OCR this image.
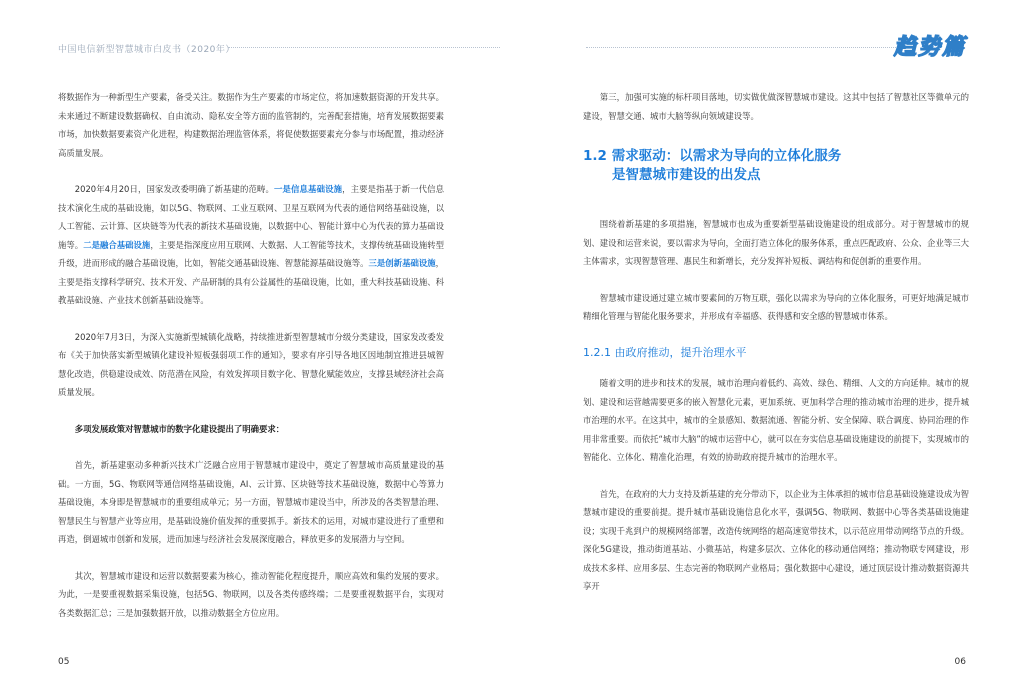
中国电信新型智慧城市白皮书（2020年）	趋势篇

将数据作为一种新型生产要素，备受关注。数据作为生产要素的市场定位，将加速数据资源的开发共享。未来通过不断建设数据确权、自由流动、隐私安全等方面的监管制约，完善配套措施，培育发展数据要素市场，加快数据要素资产化进程，构建数据治理监管体系，将促使数据要素充分参与市场配置，推动经济高质量发展。

2020年4月20日，国家发改委明确了新基建的范畴。一是信息基础设施，主要是指基于新一代信息技术演化生成的基础设施，如以5G、物联网、工业互联网、卫星互联网为代表的通信网络基础设施，以人工智能、云计算、区块链等为代表的新技术基础设施，以数据中心、智能计算中心为代表的算力基础设施等。二是融合基础设施，主要是指深度应用互联网、大数据、人工智能等技术，支撑传统基础设施转型升级，进而形成的融合基础设施，比如，智能交通基础设施、智慧能源基础设施等。三是创新基础设施，主要是指支撑科学研究、技术开发、产品研制的具有公益属性的基础设施，比如，重大科技基础设施、科教基础设施、产业技术创新基础设施等。

2020年7月3日，为深入实施新型城镇化战略，持续推进新型智慧城市分级分类建设，国家发改委发布《关于加快落实新型城镇化建设补短板强弱项工作的通知》，要求有序引导各地区因地制宜推进县城智慧化改造，供稳建设成效、防范潜在风险，有效发挥项目数字化、智慧化赋能效应，支撑县域经济社会高质量发展。

多项发展政策对智慧城市的数字化建设提出了明确要求：

首先，新基建驱动多种新兴技术广泛融合应用于智慧城市建设中，奠定了智慧城市高质量建设的基础。一方面，5G、物联网等通信网络基础设施，AI、云计算、区块链等技术基础设施，数据中心等算力基础设施，本身即是智慧城市的重要组成单元；另一方面，智慧城市建设当中，所涉及的各类智慧治理、智慧民生与智慧产业等应用，是基础设施价值发挥的重要抓手。新技术的运用，对城市建设进行了重塑和再造，倒逼城市创新和发展，进而加速与经济社会发展深度融合，释放更多的发展潜力与空间。

其次，智慧城市建设和运营以数据要素为核心，推动智能化程度提升，顺应高效和集约发展的要求。为此，一是要重视数据采集设施，包括5G、物联网，以及各类传感终端；二是要重视数据平台，实现对各类数据汇总；三是加强数据开放，以推动数据全方位应用。

第三，加强可实施的标杆项目落地，切实做优做深智慧城市建设。这其中包括了智慧社区等微单元的建设，智慧交通、城市大脑等纵向领域建设等。

1.2 需求驱动：以需求为导向的立体化服务
是智慧城市建设的出发点

围绕着新基建的多项措施，智慧城市也成为重要新型基础设施建设的组成部分。对于智慧城市的规划、建设和运营来说，要以需求为导向，全面打造立体化的服务体系，重点匹配政府、公众、企业等三大主体需求，实现智慧管理、惠民生和新增长，充分发挥补短板、调结构和促创新的重要作用。

智慧城市建设通过建立城市要素间的万物互联，强化以需求为导向的立体化服务，可更好地满足城市精细化管理与智能化服务要求，并形成有幸福感、获得感和安全感的智慧城市体系。

1.2.1 由政府推动，提升治理水平

随着文明的进步和技术的发展，城市治理向着低约、高效、绿色、精细、人文的方向延伸。城市的规划、建设和运营越需要更多的嵌入智慧化元素，更加系统、更加科学合理的推动城市治理的进步，提升城市治理的水平。在这其中，城市的全景感知、数据流通、智能分析、安全保障、联合调度、协同治理的作用非常重要。而依托“城市大脑”的城市运营中心，就可以在夯实信息基础设施建设的前提下，实现城市的智能化、立体化、精准化治理，有效的协助政府提升城市的治理水平。

首先，在政府的大力支持及新基建的充分带动下，以企业为主体承担的城市信息基础设施建设成为智慧城市建设的重要前提。提升城市基础设施信息化水平，强调5G、物联网、数据中心等各类基础设施建设；实现千兆到户的规模网络部署，改造传统网络的超高速宽带技术，以示范应用带动网络节点的升级。深化5G建设，推动街道基站、小微基站，构建多层次、立体化的移动通信网络；推动物联专网建设，形成技术多样、应用多层、生态完善的物联网产业格局；强化数据中心建设，通过顶层设计推动数据资源共享开

05	06
